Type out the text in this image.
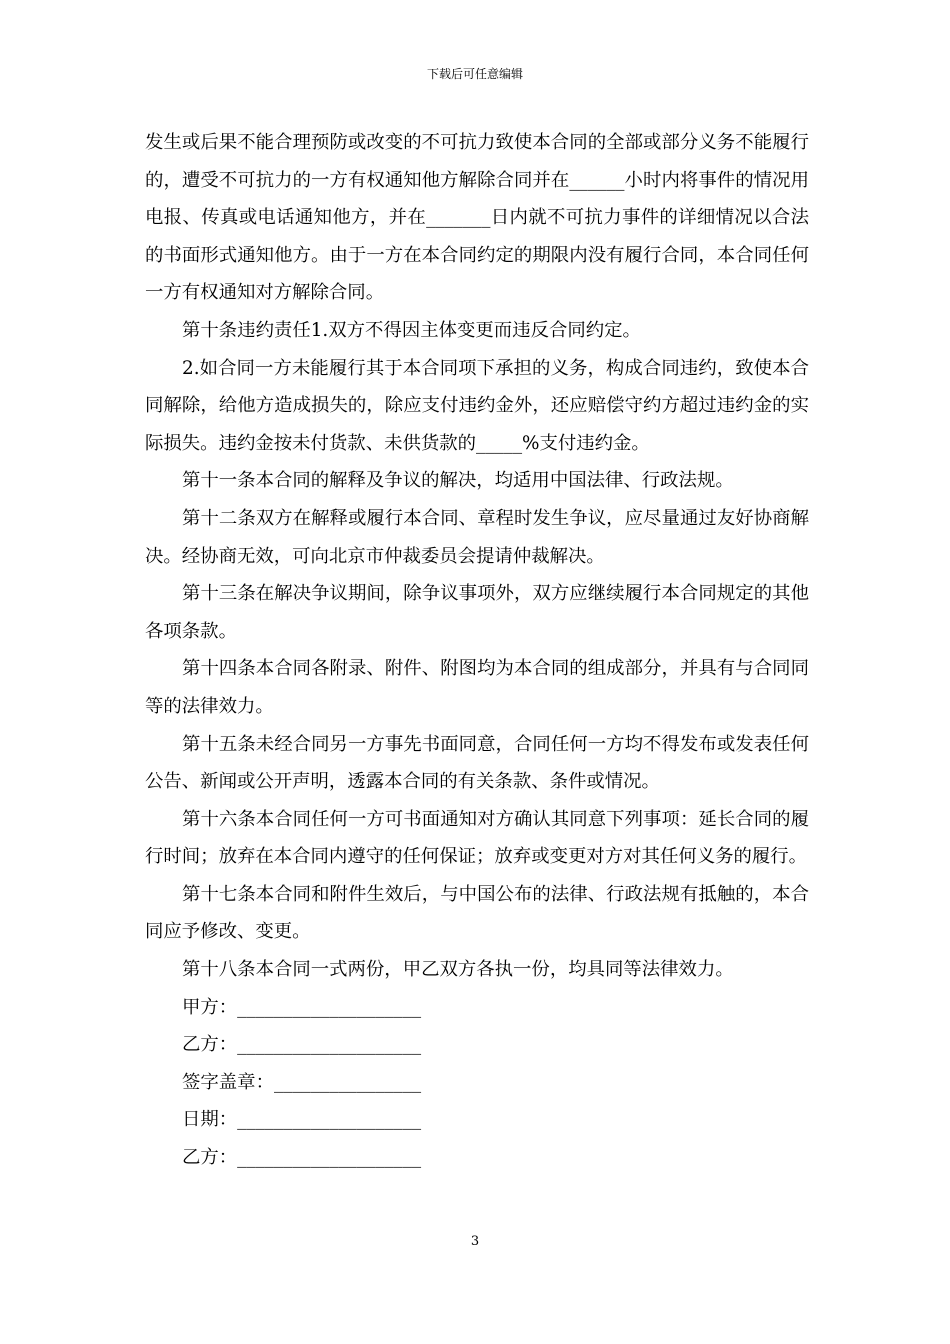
下载后可任意编辑

发生或后果不能合理预防或改变的不可抗力致使本合同的全部或部分义务不能履行的，遭受不可抗力的一方有权通知他方解除合同并在______小时内将事件的情况用电报、传真或电话通知他方，并在_______日内就不可抗力事件的详细情况以合法的书面形式通知他方。由于一方在本合同约定的期限内没有履行合同，本合同任何一方有权通知对方解除合同。

第十条违约责任1.双方不得因主体变更而违反合同约定。

2.如合同一方未能履行其于本合同项下承担的义务，构成合同违约，致使本合同解除，给他方造成损失的，除应支付违约金外，还应赔偿守约方超过违约金的实际损失。违约金按未付货款、未供货款的_____%支付违约金。

第十一条本合同的解释及争议的解决，均适用中国法律、行政法规。

第十二条双方在解释或履行本合同、章程时发生争议，应尽量通过友好协商解决。经协商无效，可向北京市仲裁委员会提请仲裁解决。

第十三条在解决争议期间，除争议事项外，双方应继续履行本合同规定的其他各项条款。

第十四条本合同各附录、附件、附图均为本合同的组成部分，并具有与合同同等的法律效力。

第十五条未经合同另一方事先书面同意，合同任何一方均不得发布或发表任何公告、新闻或公开声明，透露本合同的有关条款、条件或情况。

第十六条本合同任何一方可书面通知对方确认其同意下列事项：延长合同的履行时间；放弃在本合同内遵守的任何保证；放弃或变更对方对其任何义务的履行。

第十七条本合同和附件生效后，与中国公布的法律、行政法规有抵触的，本合同应予修改、变更。

第十八条本合同一式两份，甲乙双方各执一份，均具同等法律效力。

甲方：____________________
乙方：____________________
签字盖章：________________
日期：____________________
乙方：____________________
3
